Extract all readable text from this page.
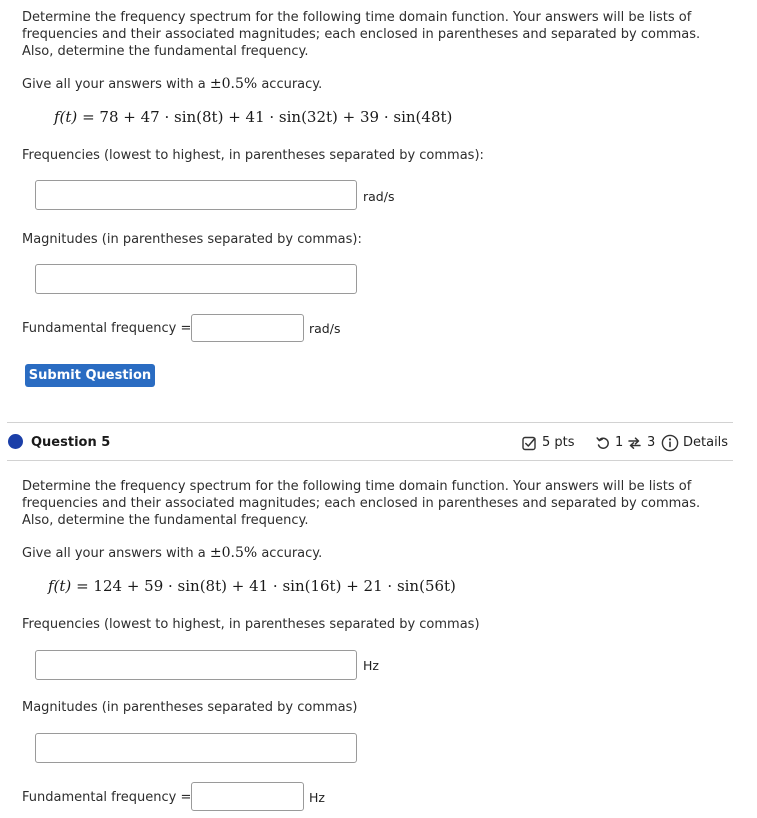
Determine the frequency spectrum for the following time domain function. Your answers will be lists of frequencies and their associated magnitudes; each enclosed in parentheses and separated by commas. Also, determine the fundamental frequency.
Give all your answers with a ±0.5% accuracy.
f(t) = 78 + 47 · sin(8t) + 41 · sin(32t) + 39 · sin(48t)
Frequencies (lowest to highest, in parentheses separated by commas):
rad/s
Magnitudes (in parentheses separated by commas):
Fundamental frequency =	rad/s
Submit Question
Question 5	5 pts	1 3 Details
Determine the frequency spectrum for the following time domain function. Your answers will be lists of frequencies and their associated magnitudes; each enclosed in parentheses and separated by commas. Also, determine the fundamental frequency.
Give all your answers with a ±0.5% accuracy.
f(t) = 124 + 59 · sin(8t) + 41 · sin(16t) + 21 · sin(56t)
Frequencies (lowest to highest, in parentheses separated by commas)
Hz
Magnitudes (in parentheses separated by commas)
Fundamental frequency =	Hz
